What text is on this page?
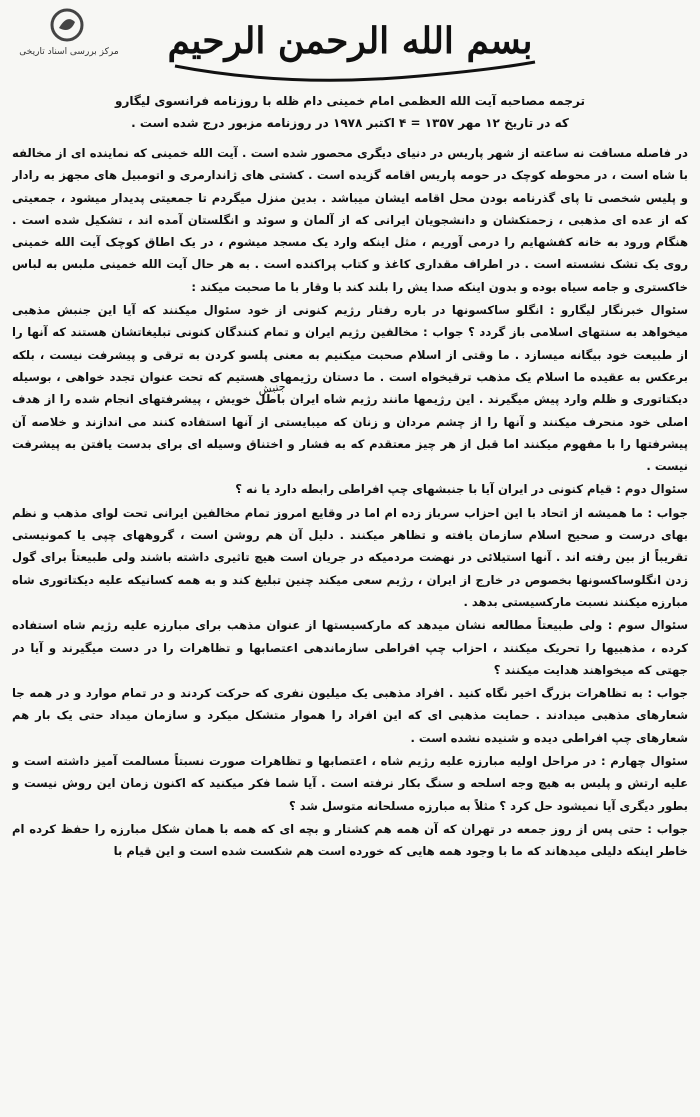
مرکز بررسی اسناد تاریخی بسم الله الرحمن الرحیم
ترجمه مصاحبه آیت الله العظمی امام خمینی دام ظله با روزنامه فرانسوی لیگارو
که در تاریخ ۱۲ مهر ۱۳۵۷ = ۴ اکتبر ۱۹۷۸ در روزنامه مزبور درج شده است .

در فاصله مسافت نه ساعته از شهر پاریس در دنیای دیگری محصور شده است . آیت الله خمینی که نماینده ای از مخالفه با شاه است ، در محوطه کوچک در حومه پاریس اقامه گزیده است . کشتی های ژاندارمری و اتومبیل های مجهز به رادار و پلیس شخصی تا پای گذرنامه بودن محل اقامه ایشان میباشد . بدین منزل میگردم تا جمعیتی پدیدار میشود ، جمعیتی که از عده ای مذهبی ، زحمتکشان و دانشجویان ایرانی که از آلمان و سوئد و انگلستان آمده اند ، تشکیل شده است . هنگام ورود به خانه کفشهایم را درمی آوریم ، مثل اینکه وارد یک مسجد میشوم ، در یک اطاق کوچک آیت الله خمینی روی یک تشک نشسته است . در اطراف مقداری کاغذ و کتاب پراکنده است . به هر حال آیت الله خمینی ملبس به لباس خاکستری و جامه سیاه بوده و بدون اینکه صدا یش را بلند کند با وقار با ما صحبت میکند :

سئوال خبرنگار لیگارو : انگلو ساکسونها در باره رفتار رژیم کنونی از خود سئوال میکنند که آیا این جنبش مذهبی میخواهد به سنتهای اسلامی باز گردد ؟ جواب : مخالفین رژیم ایران و تمام کنندگان کنونی تبلیغاتشان هستند که آنها را از طبیعت خود بیگانه میسازد . ما وقتی از اسلام صحبت میکنیم به معنی پلسو کردن به ترقی و پیشرفت نیست ، بلکه برعکس به عقیده ما اسلام یک مذهب ترقیخواه است . ما دستان رژیمهای هستیم که تحت عنوان تجدد خواهی ، بوسیله دیکتاتوری و ظلم وارد پیش میگیرند . این رژیمها مانند رژیم شاه ایران باطل خویش ، پیشرفتهای انجام شده را از هدف اصلی خود منحرف میکنند و آنها را از چشم مردان و زنان که میبایستی از آنها استفاده کنند می اندازند و خلاصه آن پیشرفتها را با مفهوم میکنند اما قبل از هر چیز معتقدم که به فشار و اختناق وسیله ای برای بدست یافتن به پیشرفت نیست .

سئوال دوم : قیام کنونی در ایران آیا با جنبشهای چپ افراطی رابطه دارد یا نه ؟

جواب : ما همیشه از اتحاد با این احزاب سرباز زده ام اما در وقایع امروز تمام مخالفین ایرانی تحت لوای مذهب و نظم بهای درست و صحیح اسلام سازمان یافته و تظاهر میکنند . دلیل آن هم روشن است ، گروههای چپی یا کمونیستی تقریباً از بین رفته اند . آنها استیلائی در نهضت مردمیکه در جریان است هیچ تاثیری داشته باشند ولی طبیعتاً برای گول زدن انگلوساکسونها بخصوص در خارج از ایران ، رژیم سعی میکند چنین تبلیغ کند و به همه کسانیکه علیه دیکتاتوری شاه مبارزه میکنند نسبت مارکسیستی بدهد .

سئوال سوم : ولی طبیعتاً مطالعه نشان میدهد که مارکسیستها از عنوان مذهب برای مبارزه علیه رژیم شاه استفاده کرده ، مذهبیها را تحریک میکنند ، احزاب چپ افراطی سازماندهی اعتصابها و تظاهرات را در دست میگیرند و آیا در جهتی که میخواهند هدایت میکنند ؟

جواب : به تظاهرات بزرگ اخیر نگاه کنید . افراد مذهبی یک میلیون نفری که حرکت کردند و در تمام موارد و در همه جا شعارهای مذهبی میدادند . حمایت مذهبی ای که این افراد را هموار متشکل میکرد و سازمان میداد حتی یک بار هم شعارهای چپ افراطی دیده و شنیده نشده است .

سئوال چهارم : در مراحل اولیه مبارزه علیه رژیم شاه ، اعتصابها و تظاهرات صورت نسبتاً مسالمت آمیز داشته است و علیه ارتش و پلیس به هیچ وجه اسلحه و سنگ بکار نرفته است . آیا شما فکر میکنید که اکنون زمان این روش نیست و بطور دیگری آیا نمیشود حل کرد ؟ مثلاً به مبارزه مسلحانه متوسل شد ؟

جواب : حتی پس از روز جمعه در تهران که آن همه هم کشتار و بچه ای که همه با همان شکل مبارزه را حفظ کرده ام خاطر اینکه دلیلی میدهاند که ما با وجود همه هایی که خورده است هم شکست شده است و این قیام با

جنبش
